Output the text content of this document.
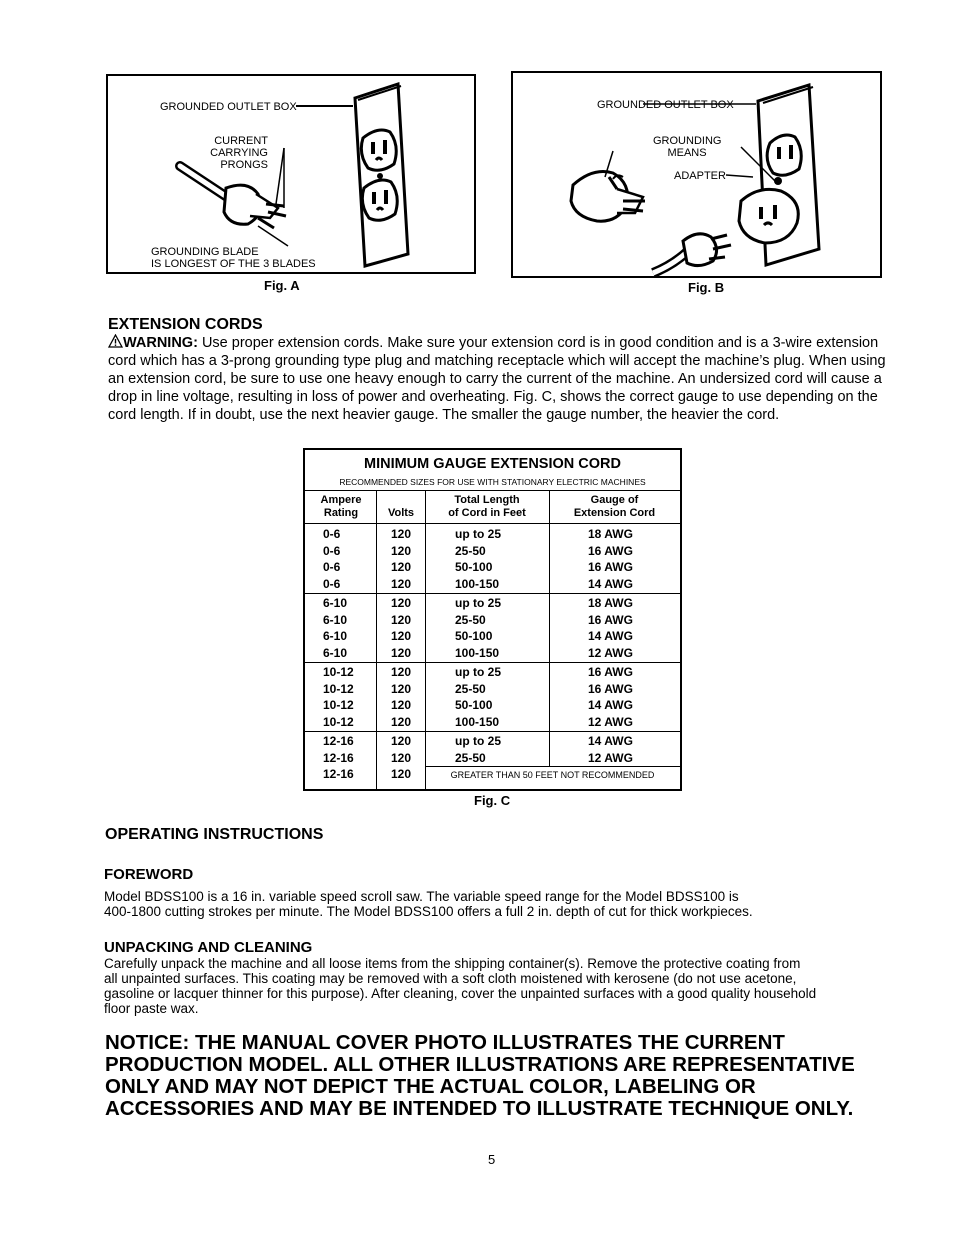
GROUNDED OUTLET BOX
CURRENT
CARRYING
PRONGS
GROUNDING BLADE
IS LONGEST OF THE 3 BLADES
Fig. A
GROUNDED OUTLET BOX
GROUNDING
MEANS
ADAPTER
Fig. B
EXTENSION CORDS
WARNING: Use proper extension cords. Make sure your extension cord is in good condition and is a 3-wire extension cord which has a 3-prong grounding type plug and matching receptacle which will accept the machine’s plug. When using an extension cord, be sure to use one heavy enough to carry the current of the machine. An undersized cord will cause a drop in line voltage, resulting in loss of power and overheating. Fig. C, shows the correct gauge to use depending on the cord length. If in doubt, use the next heavier gauge. The smaller the gauge number, the heavier the cord.
MINIMUM GAUGE EXTENSION CORD
RECOMMENDED SIZES FOR USE WITH STATIONARY ELECTRIC MACHINES
Ampere
Rating	Volts
Total Length
of Cord in Feet
Gauge of
Extension Cord
0-6
0-6
0-6
0-6
120
120
120
120
up to 25
25-50
50-100
100-150
18 AWG
16 AWG
16 AWG
14 AWG
6-10
6-10
6-10
6-10
120
120
120
120
up to 25
25-50
50-100
100-150
18 AWG
16 AWG
14 AWG
12 AWG
10-12
10-12
10-12
10-12
120
120
120
120
up to 25
25-50
50-100
100-150
16 AWG
16 AWG
14 AWG
12 AWG
12-16
12-16
12-16
120
120
120
up to 25
25-50
14 AWG
12 AWG
GREATER THAN 50 FEET NOT RECOMMENDED
Fig. C
OPERATING INSTRUCTIONS
FOREWORD
Model BDSS100 is a 16 in. variable speed scroll saw. The variable speed range for the Model BDSS100 is
400-1800 cutting strokes per minute. The Model BDSS100 offers a full 2 in. depth of cut for thick workpieces.
UNPACKING AND CLEANING
Carefully unpack the machine and all loose items from the shipping container(s). Remove the protective coating from
all unpainted surfaces. This coating may be removed with a soft cloth moistened with kerosene (do not use acetone,
gasoline or lacquer thinner for this purpose). After cleaning, cover the unpainted surfaces with a good quality household
floor paste wax.
NOTICE: THE MANUAL COVER PHOTO ILLUSTRATES THE CURRENT
PRODUCTION MODEL. ALL OTHER ILLUSTRATIONS ARE REPRESENTATIVE
ONLY AND MAY NOT DEPICT THE ACTUAL COLOR, LABELING OR
ACCESSORIES AND MAY BE INTENDED TO ILLUSTRATE TECHNIQUE ONLY.
5
